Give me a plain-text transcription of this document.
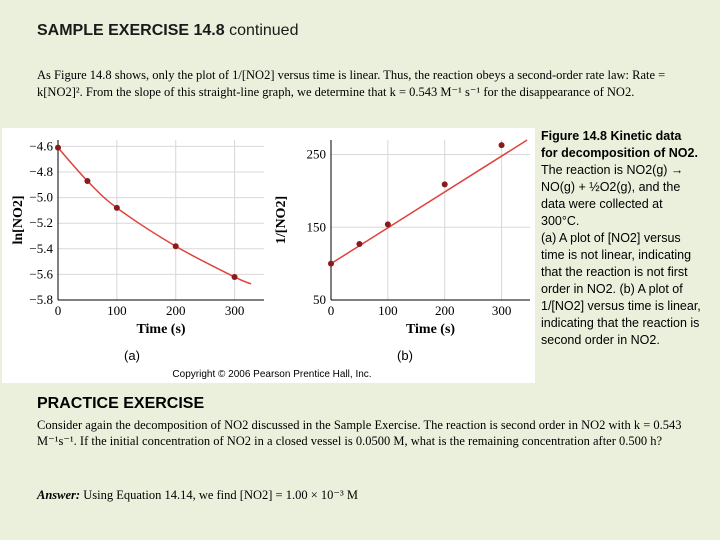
SAMPLE EXERCISE 14.8 continued
As Figure 14.8 shows, only the plot of 1/[NO2] versus time is linear. Thus, the reaction obeys a second-order rate law: Rate = k[NO2]². From the slope of this straight-line graph, we determine that k = 0.543 M⁻¹ s⁻¹ for the disappearance of NO2.
0	100	200	300
−4.6
−4.8
−5.0
−5.2
−5.4
−5.6
−5.8
Time (s)
ln[NO2]
(a)
0	100	200	300
50
150
250
Time (s)
1/[NO2]
(b)
Copyright © 2006 Pearson Prentice Hall, Inc.
Figure 14.8 Kinetic data for decomposition of NO2.
The reaction is NO2(g) → NO(g) + ½O2(g), and the data were collected at 300°C.
(a) A plot of [NO2] versus time is not linear, indicating that the reaction is not first order in NO2. (b) A plot of 1/[NO2] versus time is linear, indicating that the reaction is second order in NO2.
PRACTICE EXERCISE
Consider again the decomposition of NO2 discussed in the Sample Exercise. The reaction is second order in NO2 with k = 0.543 M⁻¹s⁻¹. If the initial concentration of NO2 in a closed vessel is 0.0500 M, what is the remaining concentration after 0.500 h?
Answer: Using Equation 14.14, we find [NO2] = 1.00 × 10⁻³ M
